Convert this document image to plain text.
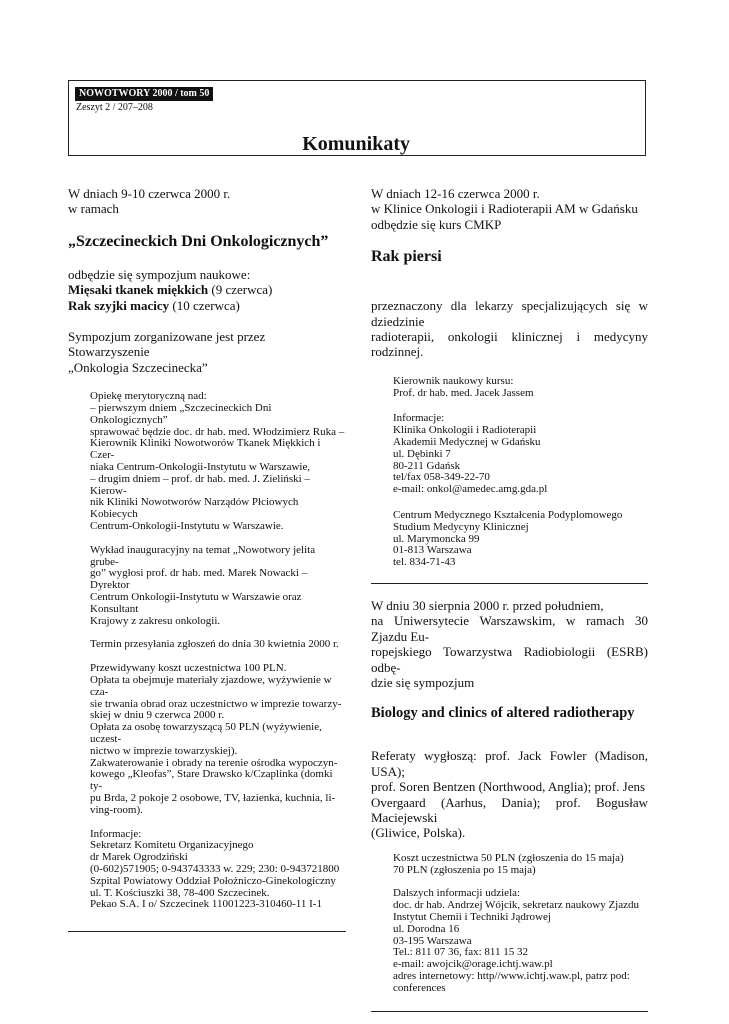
NOWOTWORY 2000 / tom 50
Zeszyt 2 / 207–208
Komunikaty

W dniach 9-10 czerwca 2000 r.

w ramach

„Szczecineckich Dni Onkologicznych”

odbędzie się sympozjum naukowe:

Mięsaki tkanek miękkich (9 czerwca)

Rak szyjki macicy (10 czerwca)

Sympozjum zorganizowane jest przez Stowarzyszenie

„Onkologia Szczecinecka”

Opiekę merytoryczną nad:

– pierwszym dniem „Szczecineckich Dni Onkologicznych”

sprawować będzie doc. dr hab. med. Włodzimierz Ruka –

Kierownik Kliniki Nowotworów Tkanek Miękkich i Czer-

niaka Centrum-Onkologii-Instytutu w Warszawie,

– drugim dniem – prof. dr hab. med. J. Zieliński – Kierow-

nik Kliniki Nowotworów Narządów Płciowych Kobiecych

Centrum-Onkologii-Instytutu w Warszawie.

Wykład inauguracyjny na temat „Nowotwory jelita grube-

go” wygłosi prof. dr hab. med. Marek Nowacki – Dyrektor

Centrum Onkologii-Instytutu w Warszawie oraz Konsultant

Krajowy z zakresu onkologii.

Termin przesyłania zgłoszeń do dnia 30 kwietnia 2000 r.

Przewidywany koszt uczestnictwa 100 PLN.

Opłata ta obejmuje materiały zjazdowe, wyżywienie w cza-

sie trwania obrad oraz uczestnictwo w imprezie towarzy-

skiej w dniu 9 czerwca 2000 r.

Opłata za osobę towarzyszącą 50 PLN (wyżywienie, uczest-

nictwo w imprezie towarzyskiej).

Zakwaterowanie i obrady na terenie ośrodka wypoczyn-

kowego „Kleofas”, Stare Drawsko k/Czaplinka (domki ty-

pu Brda, 2 pokoje 2 osobowe, TV, łazienka, kuchnia, li-

ving-room).

Informacje:

Sekretarz Komitetu Organizacyjnego

dr Marek Ogrodziński

(0-602)571905; 0-943743333 w. 229; 230: 0-943721800

Szpital Powiatowy Oddział Położniczo-Ginekologiczny

ul. T. Kościuszki 38, 78-400 Szczecinek.

Pekao S.A. I o/ Szczecinek 11001223-310460-11 I-1

W dniach 12-16 czerwca 2000 r.

w Klinice Onkologii i Radioterapii AM w Gdańsku

odbędzie się kurs CMKP

Rak piersi

przeznaczony dla lekarzy specjalizujących się w dziedzinie

radioterapii, onkologii klinicznej i medycyny rodzinnej.

Kierownik naukowy kursu:

Prof. dr hab. med. Jacek Jassem

Informacje:

Klinika Onkologii i Radioterapii

Akademii Medycznej w Gdańsku

ul. Dębinki 7

80-211 Gdańsk

tel/fax 058-349-22-70

e-mail: onkol@amedec.amg.gda.pl

Centrum Medycznego Kształcenia Podyplomowego

Studium Medycyny Klinicznej

ul. Marymoncka 99

01-813 Warszawa

tel. 834-71-43

W dniu 30 sierpnia 2000 r. przed południem,

na Uniwersytecie Warszawskim, w ramach 30 Zjazdu Eu-

ropejskiego Towarzystwa Radiobiologii (ESRB) odbę-

dzie się sympozjum

Biology and clinics of altered radiotherapy

Referaty wygłoszą: prof. Jack Fowler (Madison, USA);

prof. Soren Bentzen (Northwood, Anglia); prof. Jens

Overgaard (Aarhus, Dania); prof. Bogusław Maciejewski

(Gliwice, Polska).

Koszt uczestnictwa 50 PLN (zgłoszenia do 15 maja)

70 PLN (zgłoszenia po 15 maja)

Dalszych informacji udziela:

doc. dr hab. Andrzej Wójcik, sekretarz naukowy Zjazdu

Instytut Chemii i Techniki Jądrowej

ul. Dorodna 16

03-195 Warszawa

Tel.: 811 07 36, fax: 811 15 32

e-mail: awojcik@orage.ichtj.waw.pl

adres internetowy: http//www.ichtj.waw.pl, patrz pod:

conferences
